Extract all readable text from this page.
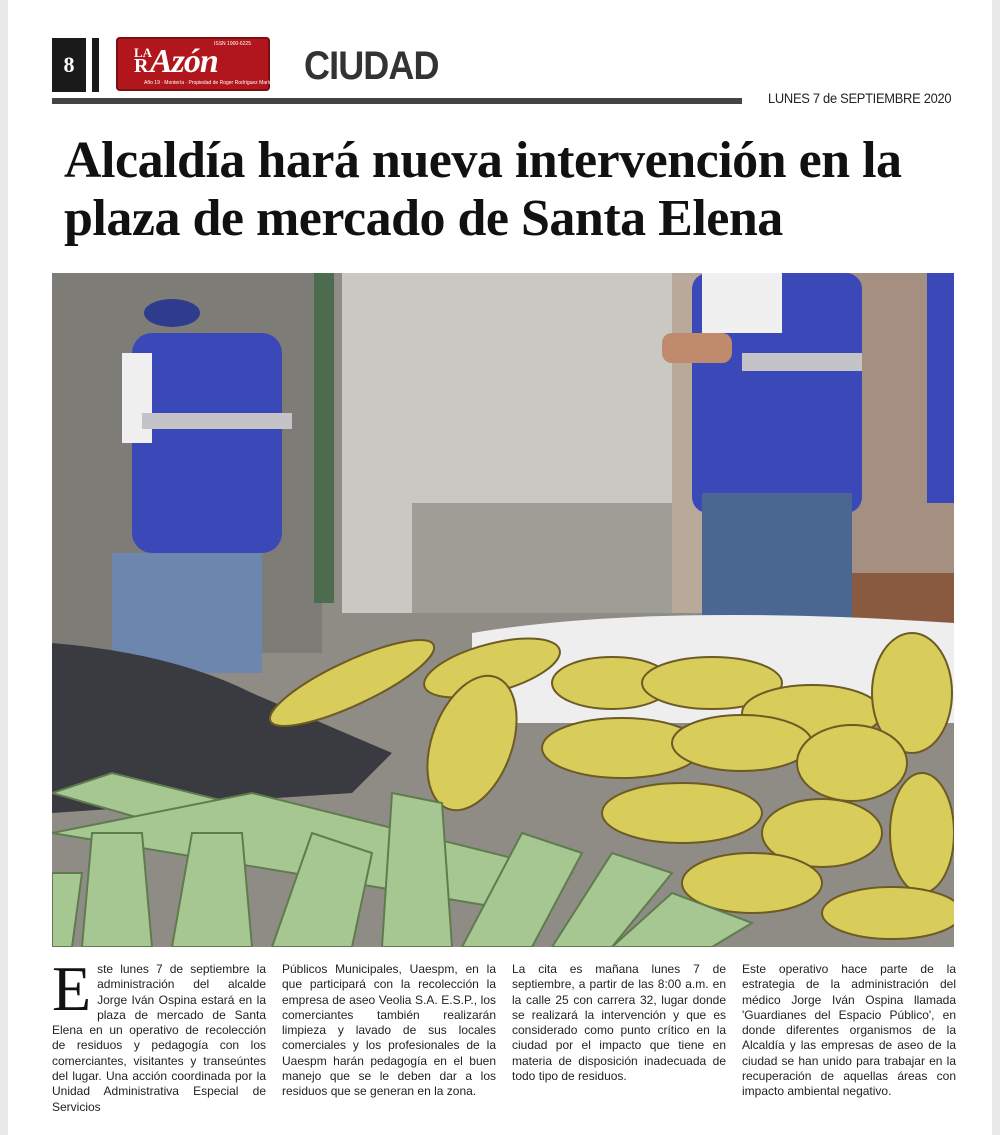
8	LA
R Azón
ISSN 1900-6225
Año 19 · Montería · Propiedad de Roger Rodríguez Marín CIUDAD
LUNES 7 de SEPTIEMBRE 2020
Alcaldía hará nueva intervención en la plaza de mercado de Santa Elena
Este lunes 7 de septiembre la administración del alcalde Jorge Iván Ospina estará en la plaza de mercado de Santa Elena en un operativo de recolección de residuos y pedagogía con los comerciantes, visitantes y transeúntes del lugar. Una acción coordinada por la Unidad Administrativa Especial de Servicios
Públicos Municipales, Uaespm, en la que participará con la recolección la empresa de aseo Veolia S.A. E.S.P., los comerciantes también realizarán limpieza y lavado de sus locales comerciales y los profesionales de la Uaespm harán pedagogía en el buen manejo que se le deben dar a los residuos que se generan en la zona.
La cita es mañana lunes 7 de septiembre, a partir de las 8:00 a.m. en la calle 25 con carrera 32, lugar donde se realizará la intervención y que es considerado como punto crítico en la ciudad por el impacto que tiene en materia de disposición inadecuada de todo tipo de residuos.
Este operativo hace parte de la estrategia de la administración del médico Jorge Iván Ospina llamada 'Guardianes del Espacio Público', en donde diferentes organismos de la Alcaldía y las empresas de aseo de la ciudad se han unido para trabajar en la recuperación de aquellas áreas con impacto ambiental negativo.
